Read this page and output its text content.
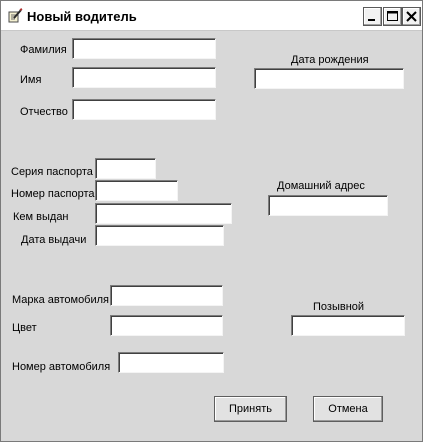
Новый водитель
Фамилия
Имя
Отчество
Дата рождения
Серия паспорта
Номер паспорта
Кем выдан
Дата выдачи
Домашний адрес
Марка автомобиля
Цвет
Номер автомобиля
Позывной
Принять	Отмена
